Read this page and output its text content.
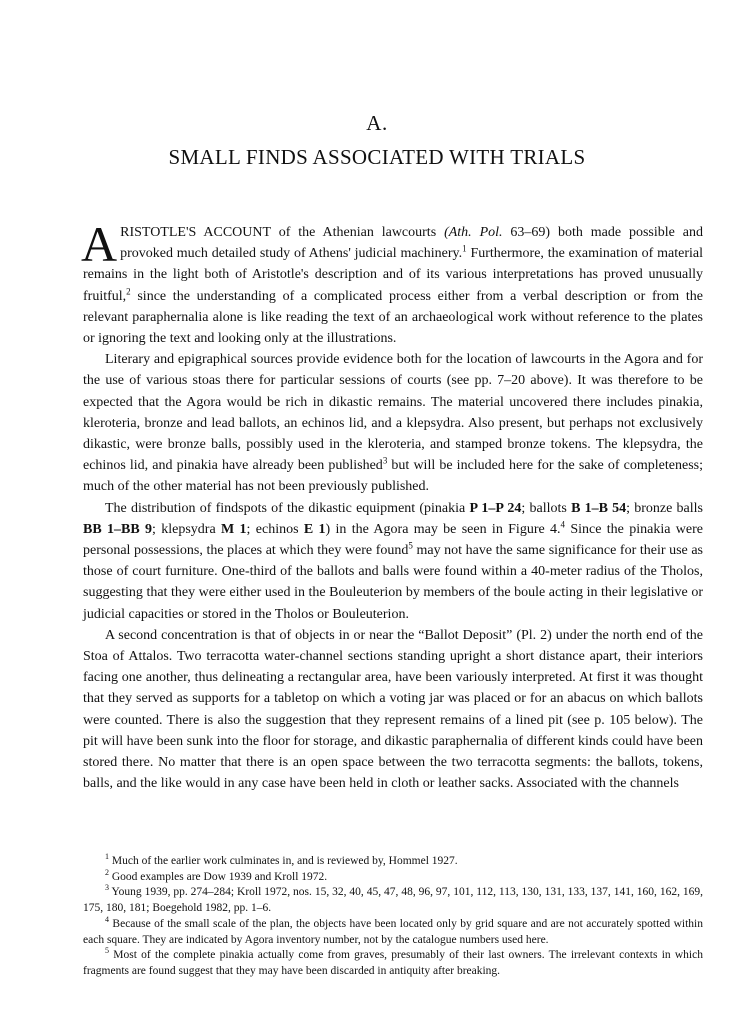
A.
SMALL FINDS ASSOCIATED WITH TRIALS

ARISTOTLE'S ACCOUNT of the Athenian lawcourts (Ath. Pol. 63–69) both made possible and provoked much detailed study of Athens' judicial machinery.$^1$ Furthermore, the examination of material remains in the light both of Aristotle's description and of its various interpretations has proved unusually fruitful,$^2$ since the understanding of a complicated process either from a verbal description or from the relevant paraphernalia alone is like reading the text of an archaeological work without reference to the plates or ignoring the text and looking only at the illustrations.

Literary and epigraphical sources provide evidence both for the location of lawcourts in the Agora and for the use of various stoas there for particular sessions of courts (see pp. 7–20 above). It was therefore to be expected that the Agora would be rich in dikastic remains. The material uncovered there includes pinakia, kleroteria, bronze and lead ballots, an echinos lid, and a klepsydra. Also present, but perhaps not exclusively dikastic, were bronze balls, possibly used in the kleroteria, and stamped bronze tokens. The klepsydra, the echinos lid, and pinakia have already been published$^3$ but will be included here for the sake of completeness; much of the other material has not been previously published.

The distribution of findspots of the dikastic equipment (pinakia P 1–P 24; ballots B 1–B 54; bronze balls BB 1–BB 9; klepsydra M 1; echinos E 1) in the Agora may be seen in Figure 4.$^4$ Since the pinakia were personal possessions, the places at which they were found$^5$ may not have the same significance for their use as those of court furniture. One-third of the ballots and balls were found within a 40-meter radius of the Tholos, suggesting that they were either used in the Bouleuterion by members of the boule acting in their legislative or judicial capacities or stored in the Tholos or Bouleuterion.

A second concentration is that of objects in or near the “Ballot Deposit” (Pl. 2) under the north end of the Stoa of Attalos. Two terracotta water-channel sections standing upright a short distance apart, their interiors facing one another, thus delineating a rectangular area, have been variously interpreted. At first it was thought that they served as supports for a tabletop on which a voting jar was placed or for an abacus on which ballots were counted. There is also the suggestion that they represent remains of a lined pit (see p. 105 below). The pit will have been sunk into the floor for storage, and dikastic paraphernalia of different kinds could have been stored there. No matter that there is an open space between the two terracotta segments: the ballots, tokens, balls, and the like would in any case have been held in cloth or leather sacks. Associated with the channels

$^1$ Much of the earlier work culminates in, and is reviewed by, Hommel 1927.

$^2$ Good examples are Dow 1939 and Kroll 1972.

$^3$ Young 1939, pp. 274–284; Kroll 1972, nos. 15, 32, 40, 45, 47, 48, 96, 97, 101, 112, 113, 130, 131, 133, 137, 141, 160, 162, 169, 175, 180, 181; Boegehold 1982, pp. 1–6.

$^4$ Because of the small scale of the plan, the objects have been located only by grid square and are not accurately spotted within each square. They are indicated by Agora inventory number, not by the catalogue numbers used here.

$^5$ Most of the complete pinakia actually come from graves, presumably of their last owners. The irrelevant contexts in which fragments are found suggest that they may have been discarded in antiquity after breaking.
